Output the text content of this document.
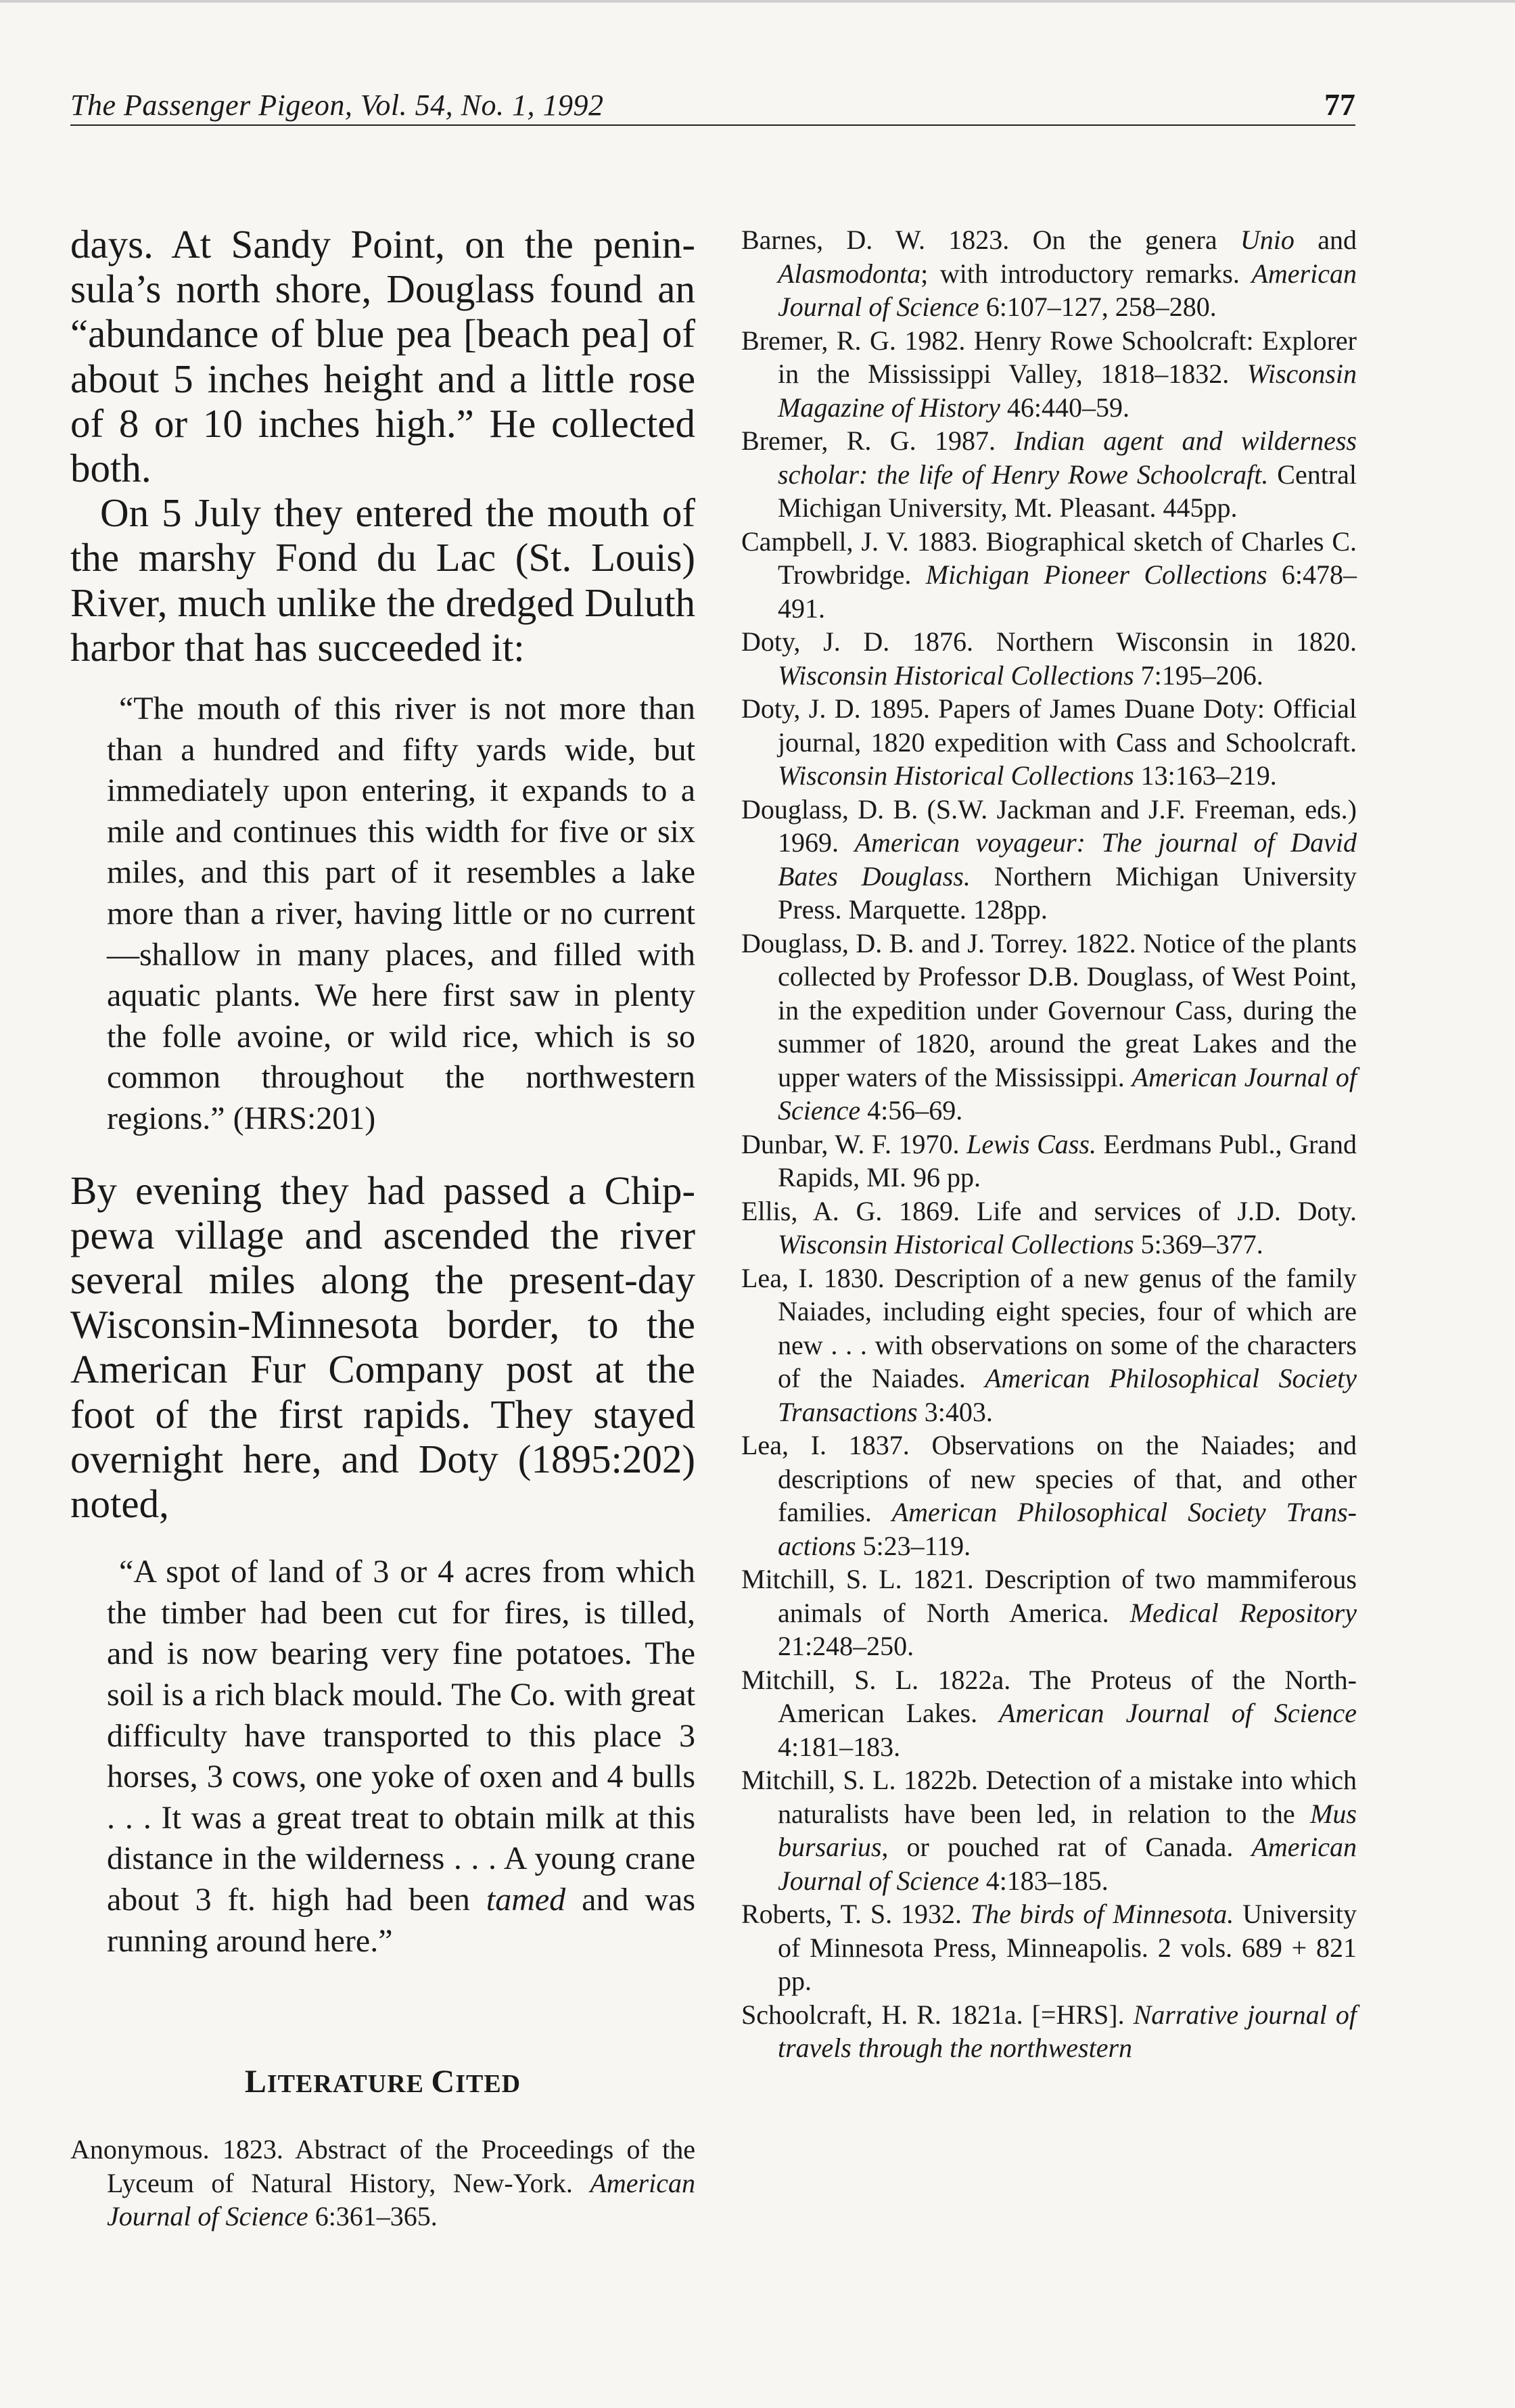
The Passenger Pigeon, Vol. 54, No. 1, 1992	77

days. At Sandy Point, on the peninsula’s north shore, Douglass found an “abundance of blue pea [beach pea] of about 5 inches height and a little rose of 8 or 10 inches high.” He collected both.

On 5 July they entered the mouth of the marshy Fond du Lac (St. Louis) River, much unlike the dredged Duluth harbor that has succeeded it:

“The mouth of this river is not more than than a hundred and fifty yards wide, but immediately upon entering, it expands to a mile and continues this width for five or six miles, and this part of it resembles a lake more than a river, having little or no current—shallow in many places, and filled with aquatic plants. We here first saw in plenty the folle avoine, or wild rice, which is so common throughout the northwestern regions.” (HRS:201)

By evening they had passed a Chippewa village and ascended the river several miles along the present-day Wisconsin-Minnesota border, to the American Fur Company post at the foot of the first rapids. They stayed overnight here, and Doty (1895:202) noted,

“A spot of land of 3 or 4 acres from which the timber had been cut for fires, is tilled, and is now bearing very fine potatoes. The soil is a rich black mould. The Co. with great difficulty have transported to this place 3 horses, 3 cows, one yoke of oxen and 4 bulls . . . It was a great treat to obtain milk at this distance in the wilderness . . . A young crane about 3 ft. high had been tamed and was running around here.”

LITERATURE CITED

Anonymous. 1823. Abstract of the Proceedings of the Lyceum of Natural History, New-York. American Journal of Science 6:361–365.

Barnes, D. W. 1823. On the genera Unio and Alasmodonta; with introductory remarks. American Journal of Science 6:107–127, 258–280.

Bremer, R. G. 1982. Henry Rowe Schoolcraft: Explorer in the Mississippi Valley, 1818–1832. Wisconsin Magazine of History 46:440–59.

Bremer, R. G. 1987. Indian agent and wilderness scholar: the life of Henry Rowe Schoolcraft. Central Michigan University, Mt. Pleasant. 445pp.

Campbell, J. V. 1883. Biographical sketch of Charles C. Trowbridge. Michigan Pioneer Collections 6:478–491.

Doty, J. D. 1876. Northern Wisconsin in 1820. Wisconsin Historical Collections 7:195–206.

Doty, J. D. 1895. Papers of James Duane Doty: Official journal, 1820 expedition with Cass and Schoolcraft. Wisconsin Historical Collections 13:163–219.

Douglass, D. B. (S.W. Jackman and J.F. Freeman, eds.) 1969. American voyageur: The journal of David Bates Douglass. Northern Michigan University Press. Marquette. 128pp.

Douglass, D. B. and J. Torrey. 1822. Notice of the plants collected by Professor D.B. Douglass, of West Point, in the expedition under Governour Cass, during the summer of 1820, around the great Lakes and the upper waters of the Mississippi. American Journal of Science 4:56–69.

Dunbar, W. F. 1970. Lewis Cass. Eerdmans Publ., Grand Rapids, MI. 96 pp.

Ellis, A. G. 1869. Life and services of J.D. Doty. Wisconsin Historical Collections 5:369–377.

Lea, I. 1830. Description of a new genus of the family Naiades, including eight species, four of which are new . . . with observations on some of the characters of the Naiades. American Philosophical Society Transactions 3:403.

Lea, I. 1837. Observations on the Naiades; and descriptions of new species of that, and other families. American Philosophical Society Transactions 5:23–119.

Mitchill, S. L. 1821. Description of two mammiferous animals of North America. Medical Repository 21:248–250.

Mitchill, S. L. 1822a. The Proteus of the North-American Lakes. American Journal of Science 4:181–183.

Mitchill, S. L. 1822b. Detection of a mistake into which naturalists have been led, in relation to the Mus bursarius, or pouched rat of Canada. American Journal of Science 4:183–185.

Roberts, T. S. 1932. The birds of Minnesota. University of Minnesota Press, Minneapolis. 2 vols. 689 + 821 pp.

Schoolcraft, H. R. 1821a. [=HRS]. Narrative journal of travels through the northwestern
